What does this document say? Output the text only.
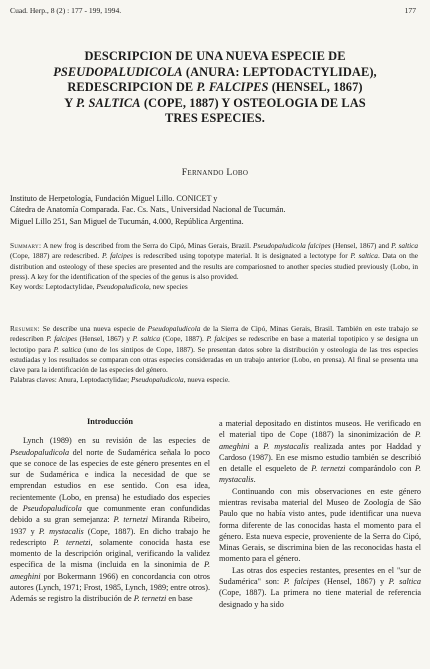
Cuad. Herp., 8 (2) : 177 - 199, 1994.	177
DESCRIPCION DE UNA NUEVA ESPECIE DE
PSEUDOPALUDICOLA (ANURA: LEPTODACTYLIDAE),
REDESCRIPCION DE P. FALCIPES (HENSEL, 1867)
Y P. SALTICA (COPE, 1887) Y OSTEOLOGIA DE LAS
TRES ESPECIES.
Fernando Lobo
Instituto de Herpetología, Fundación Miguel Lillo. CONICET y
Cátedra de Anatomía Comparada. Fac. Cs. Nats., Universidad Nacional de Tucumán.
Miguel Lillo 251, San Miguel de Tucumán, 4.000, República Argentina.
Summary: A new frog is described from the Serra do Cipó, Minas Gerais, Brazil. Pseudopaludicola falcipes (Hensel, 1867) and P. saltica (Cope, 1887) are redescribed. P. falcipes is redescribed using topotype material. It is designated a lectotype for P. saltica. Data on the distribution and osteology of these species are presented and the results are compariosned to another species studied previously (Lobo, in press). A key for the identification of the species of the genus is also provided.
Key words: Leptodactylidae, Pseudopaludicola, new species
Resumen: Se describe una nueva especie de Pseudopaludicola de la Sierra de Cipó, Minas Gerais, Brasil. También en este trabajo se redescriben P. falcipes (Hensel, 1867) y P. saltica (Cope, 1887). P. falcipes se redescribe en base a material topotipico y se designa un lectotipo para P. saltica (uno de los sintipos de Cope, 1887). Se presentan datos sobre la distribución y osteologia de las tres especies estudiadas y los resultados se comparan con otras especies consideradas en un trabajo anterior (Lobo, en prensa). Al final se presenta una clave para la identificación de las especies del género.
Palabras claves: Anura, Leptodactylidae; Pseudopaludicola, nueva especie.
Introducción

Lynch (1989) en su revisión de las especies de Pseudopaludicola del norte de Sudamérica señala lo poco que se conoce de las especies de este género presentes en el sur de Sudamérica e indica la necesidad de que se emprendan estudios en ese sentido. Con esa idea, recientemente (Lobo, en prensa) he estudiado dos especies de Pseudopaludicola que comunmente eran confundidas debido a su gran semejanza: P. ternetzi Miranda Ribeiro, 1937 y P. mystacalis (Cope, 1887). En dicho trabajo he redescripto P. ternetzi, solamente conocida hasta ese momento de la descripción original, verificando la validez específica de la misma (incluida en la sinonimia de P. ameghini por Bokermann 1966) en concordancia con otros autores (Lynch, 1971; Frost, 1985, Lynch, 1989; entre otros). Además se registro la distribución de P. ternetzi en base

a material depositado en distintos museos. He verificado en el material tipo de Cope (1887) la sinonimización de P. ameghini a P. mystacalis realizada antes por Haddad y Cardoso (1987). En ese mismo estudio también se describió en detalle el esqueleto de P. ternetzi comparándolo con P. mystacalis.

Continuando con mis observaciones en este género mientras revisaba material del Museo de Zoología de São Paulo que no había visto antes, pude identificar una nueva forma diferente de las conocidas hasta el momento para el género. Esta nueva especie, proveniente de la Serra do Cipó, Minas Gerais, se discrimina bien de las reconocidas hasta el momento para el género.

Las otras dos especies restantes, presentes en el "sur de Sudamérica" son: P. falcipes (Hensel, 1867) y P. saltica (Cope, 1887). La primera no tiene material de referencia designado y ha sido
